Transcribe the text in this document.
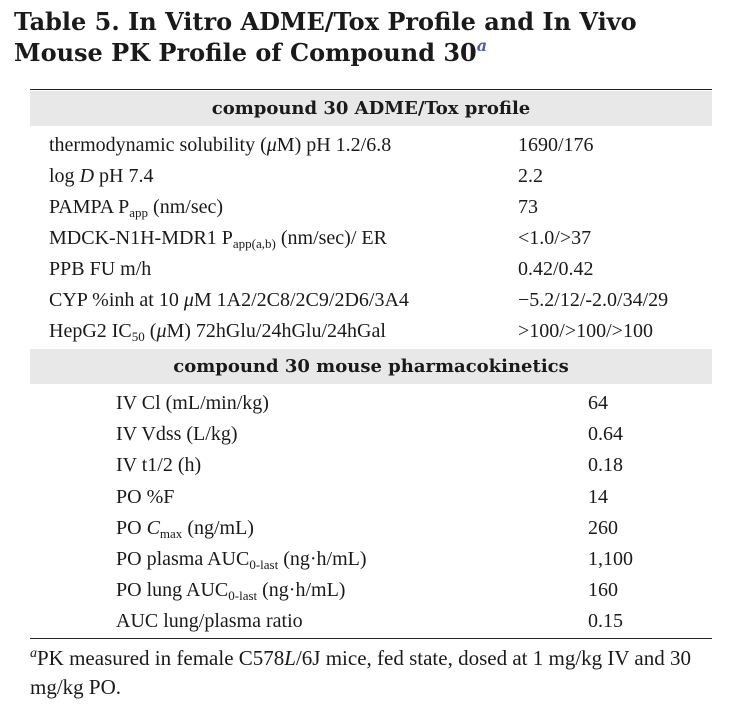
Table 5. In Vitro ADME/Tox Profile and In Vivo Mouse PK Profile of Compound 30$^a$
compound 30 ADME/Tox profile
thermodynamic solubility (μM) pH 1.2/6.8	1690/176
log D pH 7.4	2.2
PAMPA $P_{app}$ (nm/sec)	73
MDCK-N1H-MDR1 $P_{app(a,b)}$ (nm/sec)/ ER	<1.0/>37
PPB FU m/h	0.42/0.42
CYP %inh at 10 μM 1A2/2C8/2C9/2D6/3A4	−5.2/12/-2.0/34/29
HepG2 $IC_{50}$ (μM) 72hGlu/24hGlu/24hGal	>100/>100/>100
compound 30 mouse pharmacokinetics
IV Cl (mL/min/kg)	64
IV Vdss (L/kg)	0.64
IV t1/2 (h)	0.18
PO %F	14
PO $C_{max}$ (ng/mL)	260
PO plasma $AUC_{0-last}$ (ng·h/mL)	1,100
PO lung $AUC_{0-last}$ (ng·h/mL)	160
AUC lung/plasma ratio	0.15

$^a$PK measured in female C578L/6J mice, fed state, dosed at 1 mg/kg IV and 30 mg/kg PO.
